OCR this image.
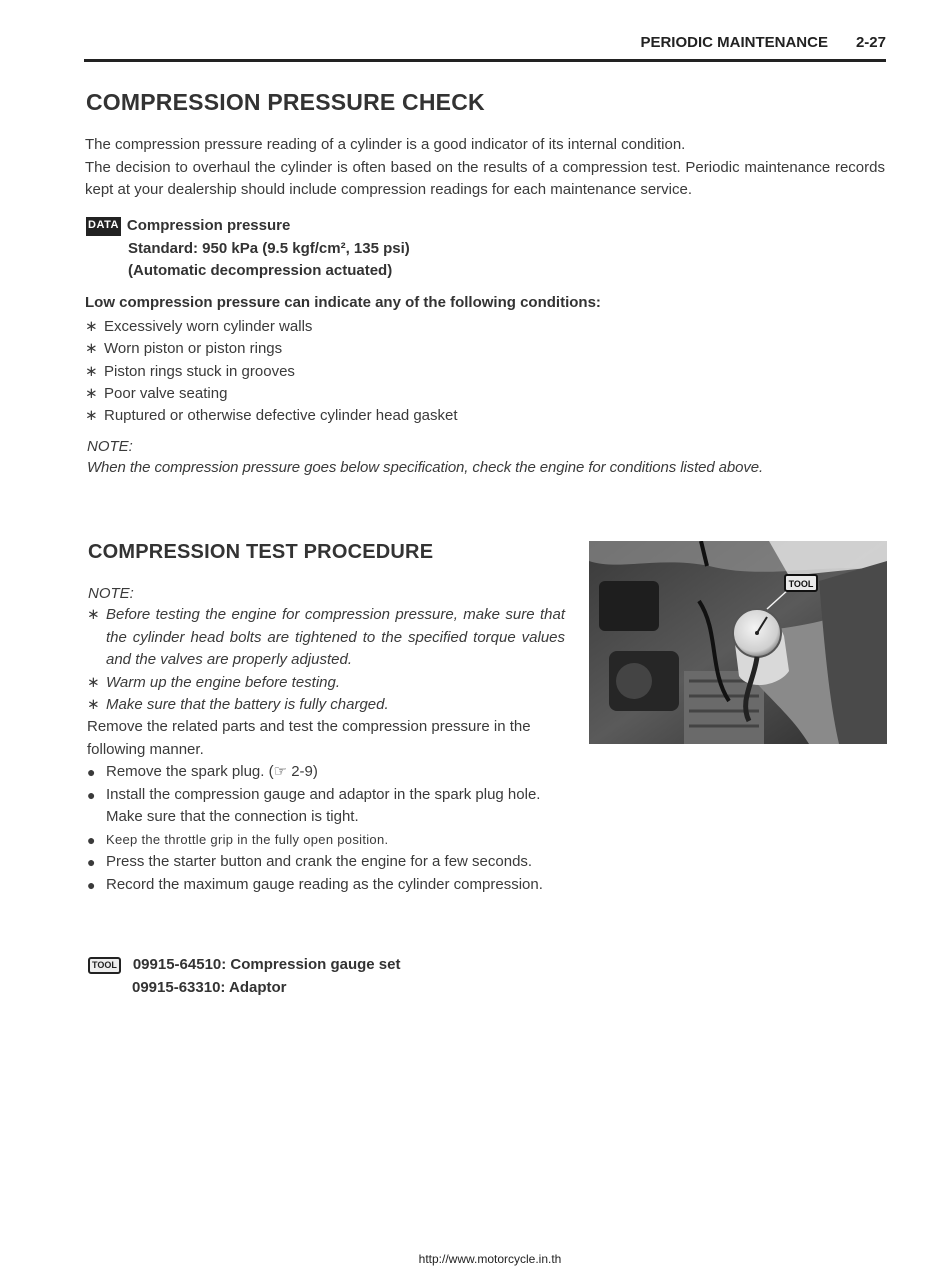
PERIODIC MAINTENANCE 2-27
COMPRESSION PRESSURE CHECK
The compression pressure reading of a cylinder is a good indicator of its internal condition.
The decision to overhaul the cylinder is often based on the results of a compression test. Periodic maintenance records kept at your dealership should include compression readings for each maintenance service.
DATA Compression pressure
Standard: 950 kPa (9.5 kgf/cm², 135 psi)
(Automatic decompression actuated)
Low compression pressure can indicate any of the following conditions:
∗ Excessively worn cylinder walls
∗ Worn piston or piston rings
∗ Piston rings stuck in grooves
∗ Poor valve seating
∗ Ruptured or otherwise defective cylinder head gasket
NOTE:
When the compression pressure goes below specification, check the engine for conditions listed above.
COMPRESSION TEST PROCEDURE
NOTE:
∗ Before testing the engine for compression pressure, make sure that the cylinder head bolts are tightened to the specified torque values and the valves are properly adjusted.
∗ Warm up the engine before testing.
∗ Make sure that the battery is fully charged.

Remove the related parts and test the compression pressure in the following manner.

● Remove the spark plug. (☞ 2-9)
● Install the compression gauge and adaptor in the spark plug hole. Make sure that the connection is tight.
● Keep the throttle grip in the fully open position.
● Press the starter button and crank the engine for a few seconds.
● Record the maximum gauge reading as the cylinder compression.
TOOL 09915-64510: Compression gauge set
09915-63310: Adaptor
TOOL
http://www.motorcycle.in.th
